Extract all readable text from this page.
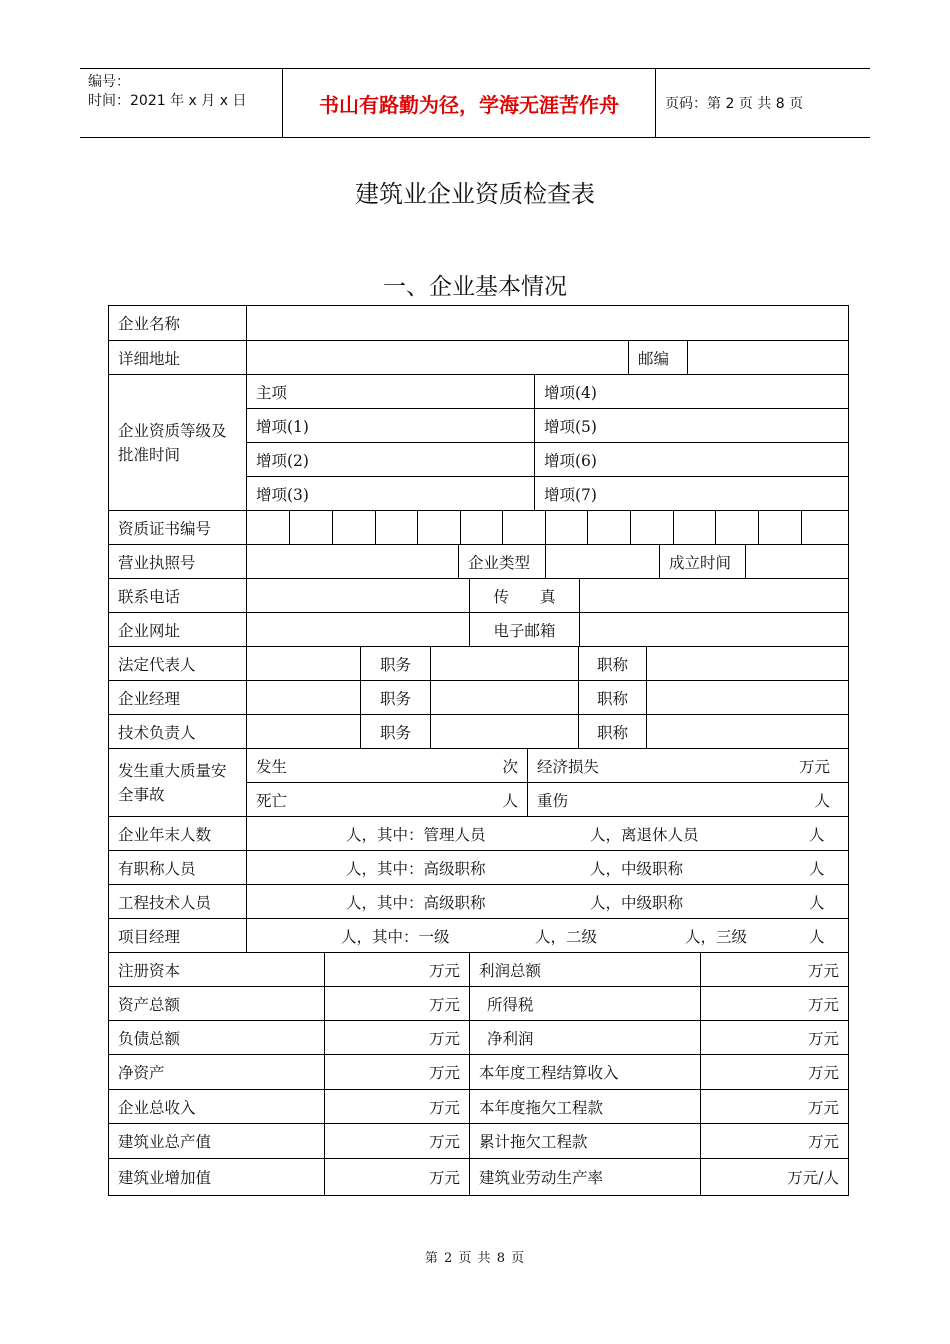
编号：
时间：2021 年 x 月 x 日	书山有路勤为径，学海无涯苦作舟	页码：第 2 页 共 8 页
建筑业企业资质检查表
一、企业基本情况
企业名称
详细地址	邮编
企业资质等级及批准时间
主项	增项(4)
增项(1)	增项(5)
增项(2)	增项(6)
增项(3)	增项(7)
资质证书编号
营业执照号	企业类型	成立时间
联系电话	传　　真
企业网址	电子邮箱
法定代表人	职务	职称
企业经理	职务	职称
技术负责人	职务	职称
发生重大质量安全事故
发生	次 经济损失	万元
死亡	人 重伤	人
企业年末人数	人，其中：管理人员	人，离退休人员	人
有职称人员	人，其中：高级职称	人，中级职称	人
工程技术人员	人，其中：高级职称	人，中级职称	人
项目经理	人，其中：一级	人，二级	人，三级	人
注册资本	万元	利润总额	万元
资产总额	万元	所得税	万元
负债总额	万元	净利润	万元
净资产	万元	本年度工程结算收入	万元
企业总收入	万元	本年度拖欠工程款	万元
建筑业总产值	万元	累计拖欠工程款	万元
建筑业增加值	万元	建筑业劳动生产率	万元/人
第 2 页 共 8 页
